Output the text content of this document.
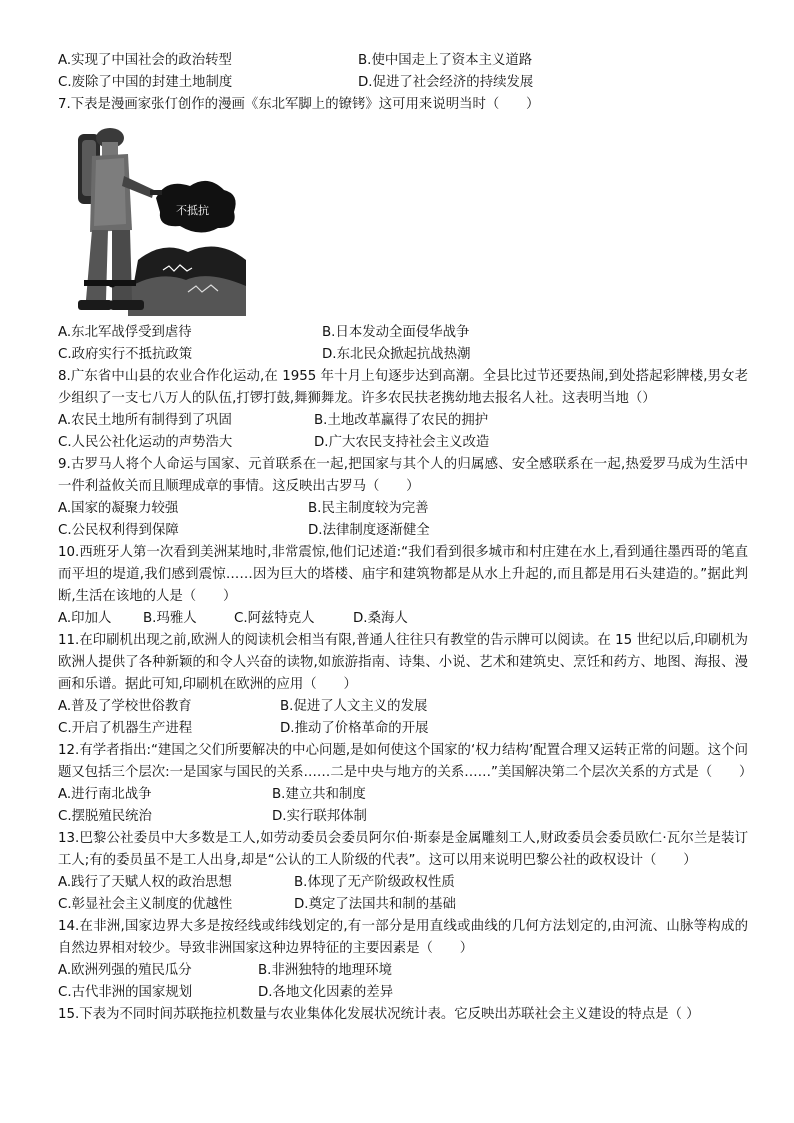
A.实现了中国社会的政治转型	B.使中国走上了资本主义道路
C.废除了中国的封建土地制度	D.促进了社会经济的持续发展
7.下表是漫画家张仃创作的漫画《东北军脚上的镣铐》这可用来说明当时（　　）
不抵抗
A.东北军战俘受到虐待	B.日本发动全面侵华战争
C.政府实行不抵抗政策	D.东北民众掀起抗战热潮
8.广东省中山县的农业合作化运动,在 1955 年十月上旬逐步达到高潮。全县比过节还要热闹,到处搭起彩牌楼,男女老少组织了一支七八万人的队伍,打锣打鼓,舞狮舞龙。许多农民扶老携幼地去报名人社。这表明当地（）
A.农民土地所有制得到了巩固	B.土地改革赢得了农民的拥护
C.人民公社化运动的声势浩大	D.广大农民支持社会主义改造
9.古罗马人将个人命运与国家、元首联系在一起,把国家与其个人的归属感、安全感联系在一起,热爱罗马成为生活中一件利益攸关而且顺理成章的事情。这反映出古罗马（　　）
A.国家的凝聚力较强	B.民主制度较为完善
C.公民权利得到保障	D.法律制度逐渐健全
10.西班牙人第一次看到美洲某地时,非常震惊,他们记述道:“我们看到很多城市和村庄建在水上,看到通往墨西哥的笔直而平坦的堤道,我们感到震惊……因为巨大的塔楼、庙宇和建筑物都是从水上升起的,而且都是用石头建造的。”据此判断,生活在该地的人是（　　）
A.印加人 B.玛雅人	C.阿兹特克人	D.桑海人
11.在印刷机出现之前,欧洲人的阅读机会相当有限,普通人往往只有教堂的告示牌可以阅读。在 15 世纪以后,印刷机为欧洲人提供了各种新颖的和令人兴奋的读物,如旅游指南、诗集、小说、艺术和建筑史、烹饪和药方、地图、海报、漫画和乐谱。据此可知,印刷机在欧洲的应用（　　）
A.普及了学校世俗教育	B.促进了人文主义的发展
C.开启了机器生产进程	D.推动了价格革命的开展
12.有学者指出:“建国之父们所要解决的中心问题,是如何使这个国家的‘权力结构’配置合理又运转正常的问题。这个问题又包括三个层次:一是国家与国民的关系……二是中央与地方的关系……”美国解决第二个层次关系的方式是（　　）
A.进行南北战争	B.建立共和制度
C.摆脱殖民统治	D.实行联邦体制
13.巴黎公社委员中大多数是工人,如劳动委员会委员阿尔伯·斯泰是金属雕刻工人,财政委员会委员欧仁·瓦尔兰是装订工人;有的委员虽不是工人出身,却是“公认的工人阶级的代表”。这可以用来说明巴黎公社的政权设计（　　）
A.践行了天赋人权的政治思想	B.体现了无产阶级政权性质
C.彰显社会主义制度的优越性	D.奠定了法国共和制的基础
14.在非洲,国家边界大多是按经线或纬线划定的,有一部分是用直线或曲线的几何方法划定的,由河流、山脉等构成的自然边界相对较少。导致非洲国家这种边界特征的主要因素是（　　）
A.欧洲列强的殖民瓜分	B.非洲独特的地理环境
C.古代非洲的国家规划	D.各地文化因素的差异
15.下表为不同时间苏联拖拉机数量与农业集体化发展状况统计表。它反映出苏联社会主义建设的特点是（ ）
